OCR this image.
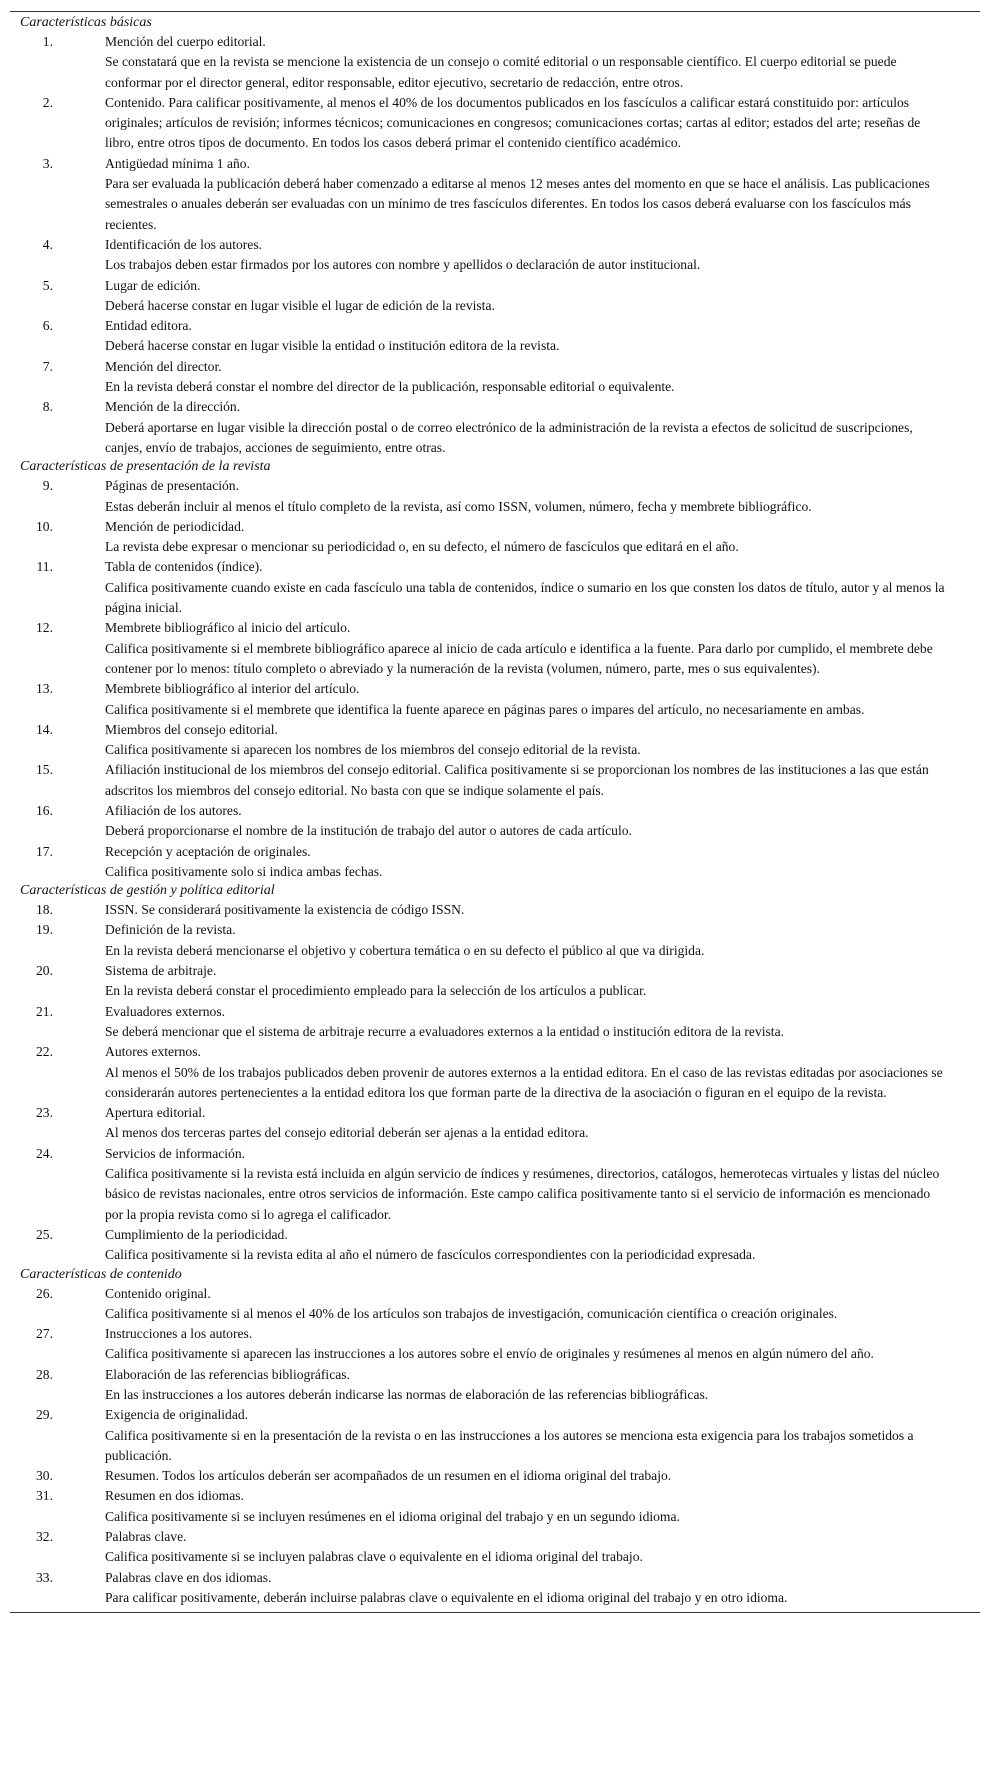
Características básicas
1.	Mención del cuerpo editorial.
Se constatará que en la revista se mencione la existencia de un consejo o comité editorial o un responsable científico. El cuerpo editorial se puede conformar por el director general, editor responsable, editor ejecutivo, secretario de redacción, entre otros.
2.	Contenido. Para calificar positivamente, al menos el 40% de los documentos publicados en los fascículos a calificar estará constituido por: artículos originales; artículos de revisión; informes técnicos; comunicaciones en congresos; comunicaciones cortas; cartas al editor; estados del arte; reseñas de libro, entre otros tipos de documento. En todos los casos deberá primar el contenido científico académico.
3.	Antigüedad mínima 1 año.
Para ser evaluada la publicación deberá haber comenzado a editarse al menos 12 meses antes del momento en que se hace el análisis. Las publicaciones semestrales o anuales deberán ser evaluadas con un mínimo de tres fascículos diferentes. En todos los casos deberá evaluarse con los fascículos más recientes.
4.	Identificación de los autores.
Los trabajos deben estar firmados por los autores con nombre y apellidos o declaración de autor institucional.
5.	Lugar de edición.
Deberá hacerse constar en lugar visible el lugar de edición de la revista.
6.	Entidad editora.
Deberá hacerse constar en lugar visible la entidad o institución editora de la revista.
7.	Mención del director.
En la revista deberá constar el nombre del director de la publicación, responsable editorial o equivalente.
8.	Mención de la dirección.
Deberá aportarse en lugar visible la dirección postal o de correo electrónico de la administración de la revista a efectos de solicitud de suscripciones, canjes, envío de trabajos, acciones de seguimiento, entre otras.
Características de presentación de la revista
9.	Páginas de presentación.
Estas deberán incluir al menos el título completo de la revista, así como ISSN, volumen, número, fecha y membrete bibliográfico.
10.	Mención de periodicidad.
La revista debe expresar o mencionar su periodicidad o, en su defecto, el número de fascículos que editará en el año.
11.	Tabla de contenidos (índice).
Califica positivamente cuando existe en cada fascículo una tabla de contenidos, índice o sumario en los que consten los datos de título, autor y al menos la página inicial.
12.	Membrete bibliográfico al inicio del artículo.
Califica positivamente si el membrete bibliográfico aparece al inicio de cada artículo e identifica a la fuente. Para darlo por cumplido, el membrete debe contener por lo menos: título completo o abreviado y la numeración de la revista (volumen, número, parte, mes o sus equivalentes).
13.	Membrete bibliográfico al interior del artículo.
Califica positivamente si el membrete que identifica la fuente aparece en páginas pares o impares del artículo, no necesariamente en ambas.
14.	Miembros del consejo editorial.
Califica positivamente si aparecen los nombres de los miembros del consejo editorial de la revista.
15.	Afiliación institucional de los miembros del consejo editorial. Califica positivamente si se proporcionan los nombres de las instituciones a las que están adscritos los miembros del consejo editorial. No basta con que se indique solamente el país.
16.	Afiliación de los autores.
Deberá proporcionarse el nombre de la institución de trabajo del autor o autores de cada artículo.
17.	Recepción y aceptación de originales.
Califica positivamente solo si indica ambas fechas.
Características de gestión y política editorial
18.	ISSN. Se considerará positivamente la existencia de código ISSN.
19.	Definición de la revista.
En la revista deberá mencionarse el objetivo y cobertura temática o en su defecto el público al que va dirigida.
20.	Sistema de arbitraje.
En la revista deberá constar el procedimiento empleado para la selección de los artículos a publicar.
21.	Evaluadores externos.
Se deberá mencionar que el sistema de arbitraje recurre a evaluadores externos a la entidad o institución editora de la revista.
22.	Autores externos.
Al menos el 50% de los trabajos publicados deben provenir de autores externos a la entidad editora. En el caso de las revistas editadas por asociaciones se considerarán autores pertenecientes a la entidad editora los que forman parte de la directiva de la asociación o figuran en el equipo de la revista.
23.	Apertura editorial.
Al menos dos terceras partes del consejo editorial deberán ser ajenas a la entidad editora.
24.	Servicios de información.
Califica positivamente si la revista está incluida en algún servicio de índices y resúmenes, directorios, catálogos, hemerotecas virtuales y listas del núcleo básico de revistas nacionales, entre otros servicios de información. Este campo califica positivamente tanto si el servicio de información es mencionado por la propia revista como si lo agrega el calificador.
25.	Cumplimiento de la periodicidad.
Califica positivamente si la revista edita al año el número de fascículos correspondientes con la periodicidad expresada.
Características de contenido
26.	Contenido original.
Califica positivamente si al menos el 40% de los artículos son trabajos de investigación, comunicación científica o creación originales.
27.	Instrucciones a los autores.
Califica positivamente si aparecen las instrucciones a los autores sobre el envío de originales y resúmenes al menos en algún número del año.
28.	Elaboración de las referencias bibliográficas.
En las instrucciones a los autores deberán indicarse las normas de elaboración de las referencias bibliográficas.
29.	Exigencia de originalidad.
Califica positivamente si en la presentación de la revista o en las instrucciones a los autores se menciona esta exigencia para los trabajos sometidos a publicación.
30.	Resumen. Todos los artículos deberán ser acompañados de un resumen en el idioma original del trabajo.
31.	Resumen en dos idiomas.
Califica positivamente si se incluyen resúmenes en el idioma original del trabajo y en un segundo idioma.
32.	Palabras clave.
Califica positivamente si se incluyen palabras clave o equivalente en el idioma original del trabajo.
33.	Palabras clave en dos idiomas.
Para calificar positivamente, deberán incluirse palabras clave o equivalente en el idioma original del trabajo y en otro idioma.
